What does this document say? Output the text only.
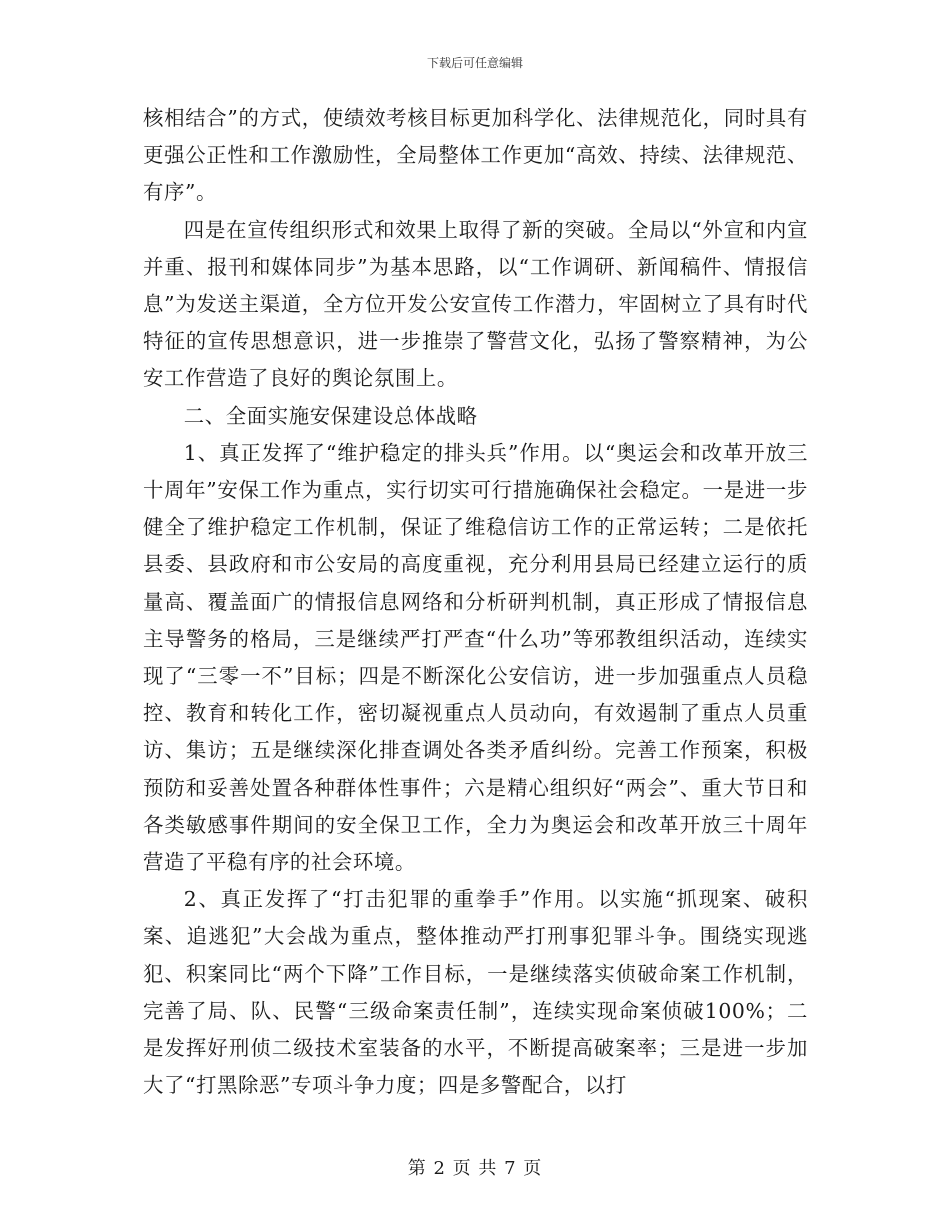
下载后可任意编辑

核相结合”的方式，使绩效考核目标更加科学化、法律规范化，同时具有更强公正性和工作激励性，全局整体工作更加“高效、持续、法律规范、有序”。

四是在宣传组织形式和效果上取得了新的突破。全局以“外宣和内宣并重、报刊和媒体同步”为基本思路，以“工作调研、新闻稿件、情报信息”为发送主渠道，全方位开发公安宣传工作潜力，牢固树立了具有时代特征的宣传思想意识，进一步推崇了警营文化，弘扬了警察精神，为公安工作营造了良好的舆论氛围上。

二、全面实施安保建设总体战略

1、真正发挥了“维护稳定的排头兵”作用。以“奥运会和改革开放三十周年”安保工作为重点，实行切实可行措施确保社会稳定。一是进一步健全了维护稳定工作机制，保证了维稳信访工作的正常运转；二是依托县委、县政府和市公安局的高度重视，充分利用县局已经建立运行的质量高、覆盖面广的情报信息网络和分析研判机制，真正形成了情报信息主导警务的格局，三是继续严打严查“什么功”等邪教组织活动，连续实现了“三零一不”目标；四是不断深化公安信访，进一步加强重点人员稳控、教育和转化工作，密切凝视重点人员动向，有效遏制了重点人员重访、集访；五是继续深化排查调处各类矛盾纠纷。完善工作预案，积极预防和妥善处置各种群体性事件；六是精心组织好“两会”、重大节日和各类敏感事件期间的安全保卫工作，全力为奥运会和改革开放三十周年营造了平稳有序的社会环境。

2、真正发挥了“打击犯罪的重拳手”作用。以实施“抓现案、破积案、追逃犯”大会战为重点，整体推动严打刑事犯罪斗争。围绕实现逃犯、积案同比“两个下降”工作目标，一是继续落实侦破命案工作机制，完善了局、队、民警“三级命案责任制”，连续实现命案侦破100%；二是发挥好刑侦二级技术室装备的水平，不断提高破案率；三是进一步加大了“打黑除恶”专项斗争力度；四是多警配合，以打

第 2 页 共 7 页
